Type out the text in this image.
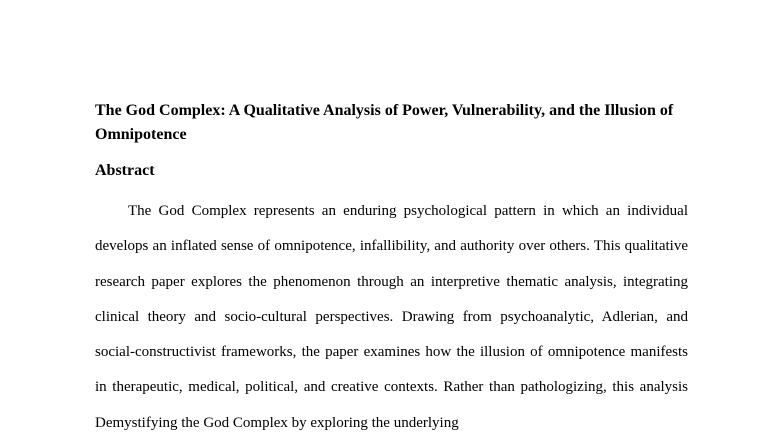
The God Complex: A Qualitative Analysis of Power, Vulnerability, and the Illusion of Omnipotence
Abstract

The God Complex represents an enduring psychological pattern in which an individual develops an inflated sense of omnipotence, infallibility, and authority over others. This qualitative research paper explores the phenomenon through an interpretive thematic analysis, integrating clinical theory and socio-cultural perspectives. Drawing from psychoanalytic, Adlerian, and social-constructivist frameworks, the paper examines how the illusion of omnipotence manifests in therapeutic, medical, political, and creative contexts. Rather than pathologizing, this analysis Demystifying the God Complex by exploring the underlying
